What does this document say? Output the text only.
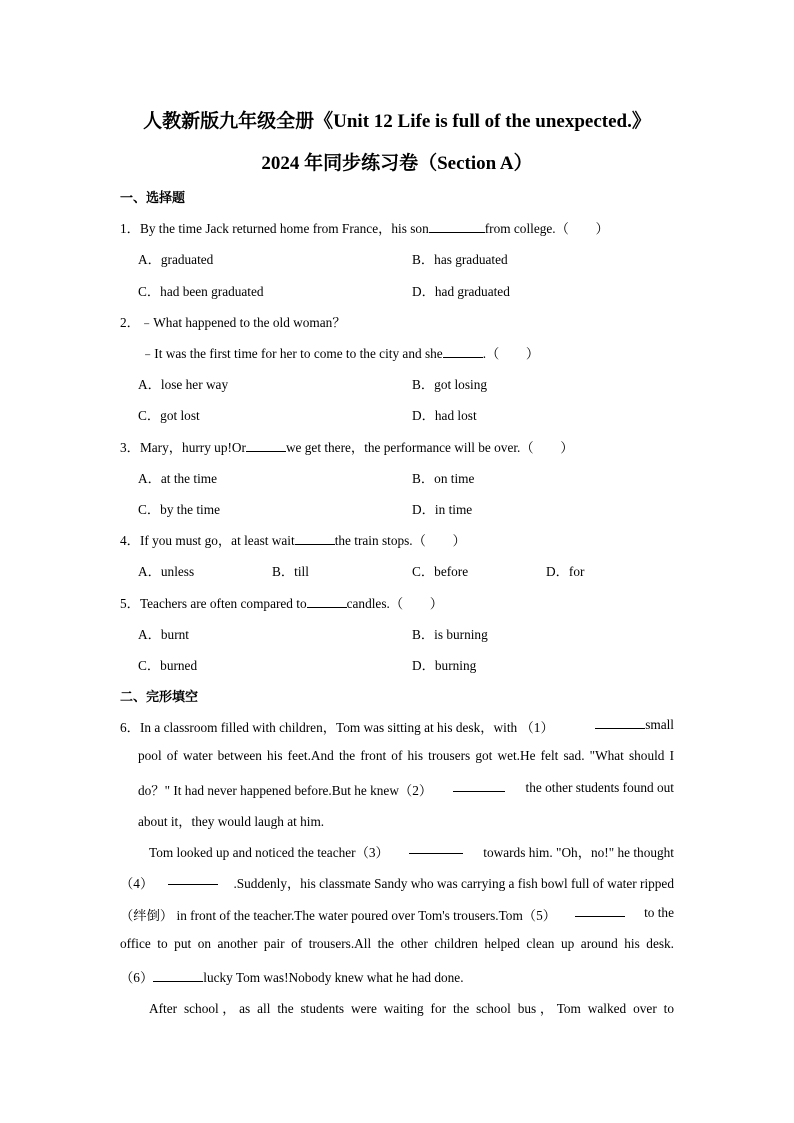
人教新版九年级全册《Unit 12 Life is full of the unexpected.》
2024 年同步练习卷（Section A）
一、选择题
1．By the time Jack returned home from France，his son	from college.（　　）
A．graduated	B．has graduated
C．had been graduated	D．had graduated
2．﹣What happened to the old woman？
﹣It was the first time for her to come to the city and she	.（　　）
A．lose her way	B．got losing
C．got lost	D．had lost
3．Mary，hurry up!Or	we get there，the performance will be over.（　　）
A．at the time	B．on time
C．by the time	D．in time
4．If you must go，at least wait	the train stops.（　　）
A．unless	B．till	C．before	D．for
5．Teachers are often compared to	candles.（　　）
A．burnt	B．is burning
C．burned	D．burning
二、完形填空
6．In a classroom filled with children，Tom was sitting at his desk，with （1）	small
pool of water between his feet.And the front of his trousers got wet.He felt sad. "What should I
do？" It had never happened before.But he knew（2）	the other students found out
about it，they would laugh at him.
Tom looked up and noticed the teacher（3）	towards him. "Oh，no!" he thought
（4）	.Suddenly，his classmate Sandy who was carrying a fish bowl full of water ripped
（绊倒） in front of the teacher.The water poured over Tom's trousers.Tom（5）	to the
office to put on another pair of trousers.All the other children helped clean up around his desk.
（6）	lucky Tom was!Nobody knew what he had done.
After school，as all the students were waiting for the school bus，Tom walked over to
